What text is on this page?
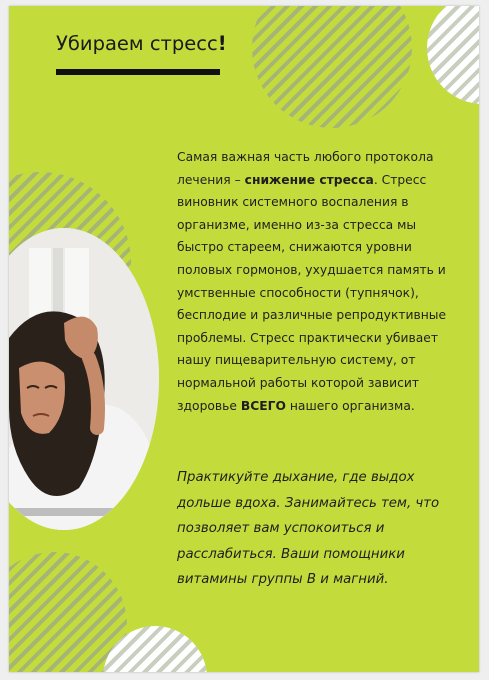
Убираем стресс!
Самая важная часть любого протокола лечения – снижение стресса. Стресс виновник системного воспаления в организме, именно из-за стресса мы быстро стареем, снижаются уровни половых гормонов, ухудшается память и умственные способности (тупнячок), бесплодие и различные репродуктивные проблемы. Стресс практически убивает нашу пищеварительную систему, от нормальной работы которой зависит здоровье ВСЕГО нашего организма.
Практикуйте дыхание, где выдох дольше вдоха. Занимайтесь тем, что позволяет вам успокоиться и расслабиться. Ваши помощники витамины группы В и магний.
